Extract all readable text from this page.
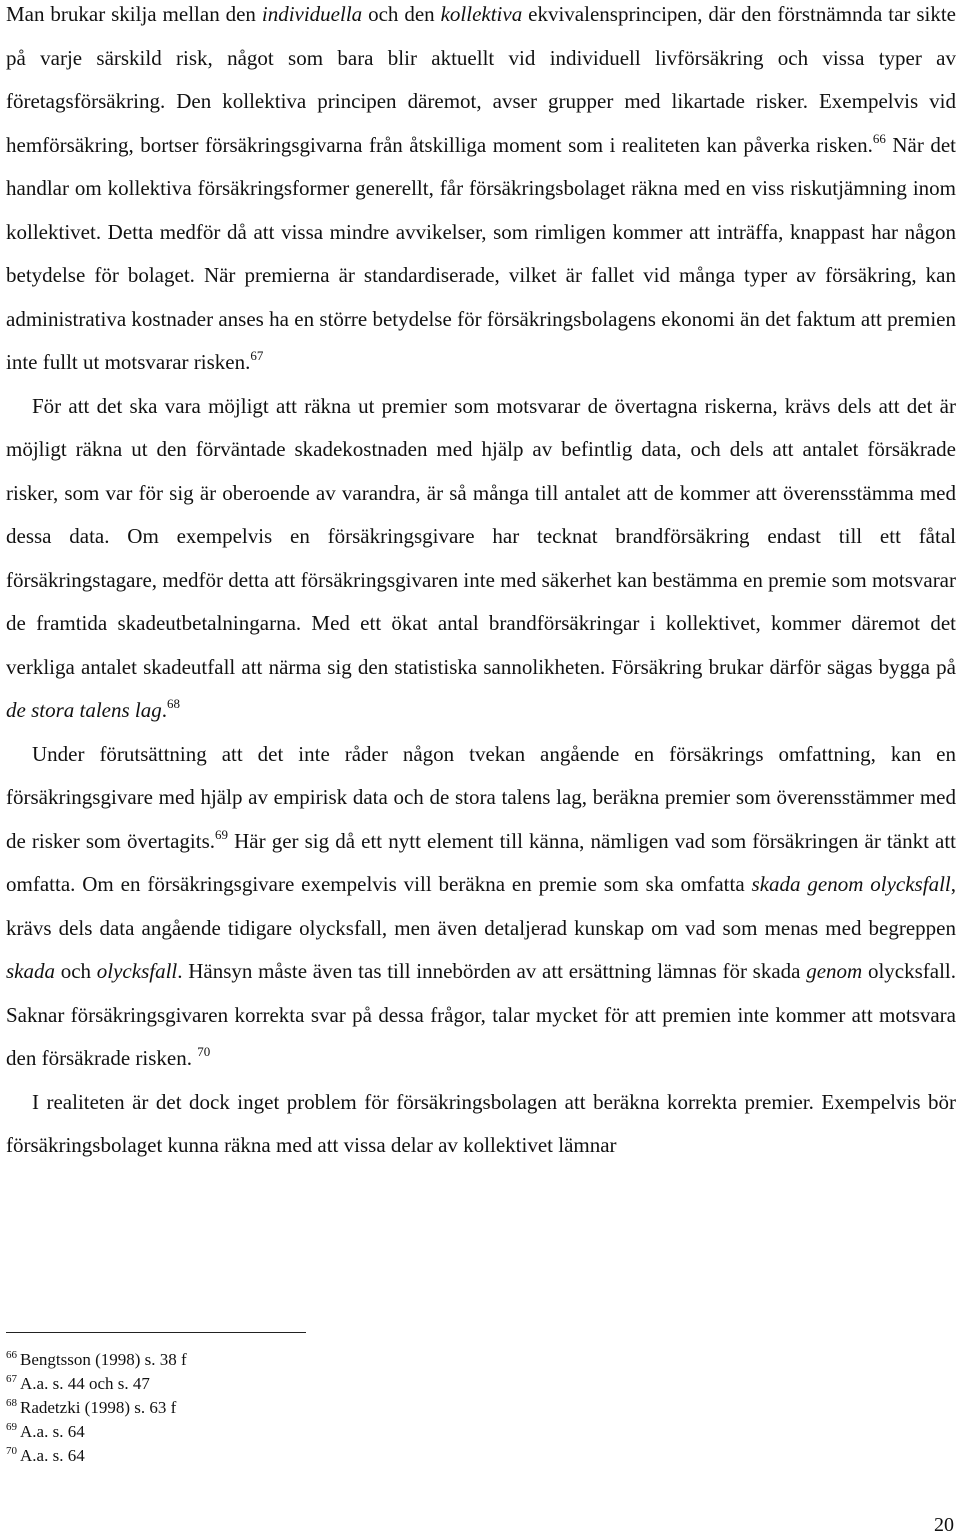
Man brukar skilja mellan den individuella och den kollektiva ekvivalensprincipen, där den förstnämnda tar sikte på varje särskild risk, något som bara blir aktuellt vid individuell livförsäkring och vissa typer av företagsförsäkring. Den kollektiva principen däremot, avser grupper med likartade risker. Exempelvis vid hemförsäkring, bortser försäkringsgivarna från åtskilliga moment som i realiteten kan påverka risken.$^{66}$ När det handlar om kollektiva försäkringsformer generellt, får försäkringsbolaget räkna med en viss riskutjämning inom kollektivet. Detta medför då att vissa mindre avvikelser, som rimligen kommer att inträffa, knappast har någon betydelse för bolaget. När premierna är standardiserade, vilket är fallet vid många typer av försäkring, kan administrativa kostnader anses ha en större betydelse för försäkringsbolagens ekonomi än det faktum att premien inte fullt ut motsvarar risken.$^{67}$

För att det ska vara möjligt att räkna ut premier som motsvarar de övertagna riskerna, krävs dels att det är möjligt räkna ut den förväntade skadekostnaden med hjälp av befintlig data, och dels att antalet försäkrade risker, som var för sig är oberoende av varandra, är så många till antalet att de kommer att överensstämma med dessa data. Om exempelvis en försäkringsgivare har tecknat brandförsäkring endast till ett fåtal försäkringstagare, medför detta att försäkringsgivaren inte med säkerhet kan bestämma en premie som motsvarar de framtida skadeutbetalningarna. Med ett ökat antal brandförsäkringar i kollektivet, kommer däremot det verkliga antalet skadeutfall att närma sig den statistiska sannolikheten. Försäkring brukar därför sägas bygga på de stora talens lag.$^{68}$

Under förutsättning att det inte råder någon tvekan angående en försäkrings omfattning, kan en försäkringsgivare med hjälp av empirisk data och de stora talens lag, beräkna premier som överensstämmer med de risker som övertagits.$^{69}$ Här ger sig då ett nytt element till känna, nämligen vad som försäkringen är tänkt att omfatta. Om en försäkringsgivare exempelvis vill beräkna en premie som ska omfatta skada genom olycksfall, krävs dels data angående tidigare olycksfall, men även detaljerad kunskap om vad som menas med begreppen skada och olycksfall. Hänsyn måste även tas till innebörden av att ersättning lämnas för skada genom olycksfall. Saknar försäkringsgivaren korrekta svar på dessa frågor, talar mycket för att premien inte kommer att motsvara den försäkrade risken. $^{70}$

I realiteten är det dock inget problem för försäkringsbolagen att beräkna korrekta premier. Exempelvis bör försäkringsbolaget kunna räkna med att vissa delar av kollektivet lämnar

$^{66}$ Bengtsson (1998) s. 38 f
$^{67}$ A.a. s. 44 och s. 47
$^{68}$ Radetzki (1998) s. 63 f
$^{69}$ A.a. s. 64
$^{70}$ A.a. s. 64
20
